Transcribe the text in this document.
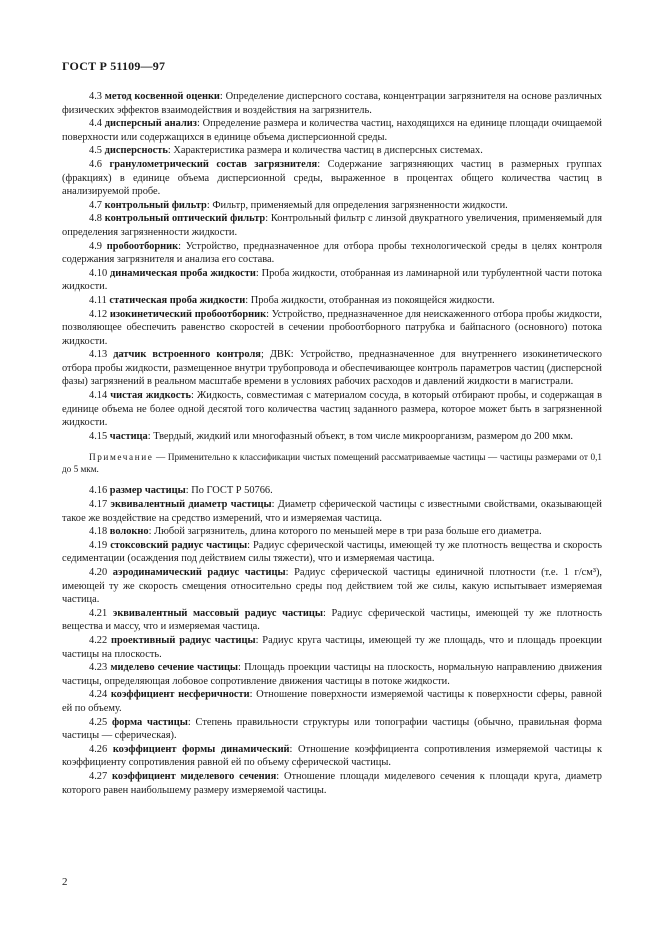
ГОСТ Р 51109—97

4.3 метод косвенной оценки: Определение дисперсного состава, концентрации загрязнителя на основе различных физических эффектов взаимодействия и воздействия на загрязнитель.

4.4 дисперсный анализ: Определение размера и количества частиц, находящихся на единице площади очищаемой поверхности или содержащихся в единице объема дисперсионной среды.

4.5 дисперсность: Характеристика размера и количества частиц в дисперсных системах.

4.6 гранулометрический состав загрязнителя: Содержание загрязняющих частиц в размерных группах (фракциях) в единице объема дисперсионной среды, выраженное в процентах общего количества частиц в анализируемой пробе.

4.7 контрольный фильтр: Фильтр, применяемый для определения загрязненности жидкости.

4.8 контрольный оптический фильтр: Контрольный фильтр с линзой двукратного увеличения, применяемый для определения загрязненности жидкости.

4.9 пробоотборник: Устройство, предназначенное для отбора пробы технологической среды в целях контроля содержания загрязнителя и анализа его состава.

4.10 динамическая проба жидкости: Проба жидкости, отобранная из ламинарной или турбулентной части потока жидкости.

4.11 статическая проба жидкости: Проба жидкости, отобранная из покоящейся жидкости.

4.12 изокинетический пробоотборник: Устройство, предназначенное для неискаженного отбора пробы жидкости, позволяющее обеспечить равенство скоростей в сечении пробоотборного патрубка и байпасного (основного) потока жидкости.

4.13 датчик встроенного контроля; ДВК: Устройство, предназначенное для внутреннего изокинетического отбора пробы жидкости, размещенное внутри трубопровода и обеспечивающее контроль параметров частиц (дисперсной фазы) загрязнений в реальном масштабе времени в условиях рабочих расходов и давлений жидкости в магистрали.

4.14 чистая жидкость: Жидкость, совместимая с материалом сосуда, в который отбирают пробы, и содержащая в единице объема не более одной десятой того количества частиц заданного размера, которое может быть в загрязненной жидкости.

4.15 частица: Твердый, жидкий или многофазный объект, в том числе микроорганизм, размером до 200 мкм.

Примечание — Применительно к классификации чистых помещений рассматриваемые частицы — частицы размерами от 0,1 до 5 мкм.

4.16 размер частицы: По ГОСТ Р 50766.

4.17 эквивалентный диаметр частицы: Диаметр сферической частицы с известными свойствами, оказывающей такое же воздействие на средство измерений, что и измеряемая частица.

4.18 волокно: Любой загрязнитель, длина которого по меньшей мере в три раза больше его диаметра.

4.19 стоксовский радиус частицы: Радиус сферической частицы, имеющей ту же плотность вещества и скорость седиментации (осаждения под действием силы тяжести), что и измеряемая частица.

4.20 аэродинамический радиус частицы: Радиус сферической частицы единичной плотности (т.е. 1 г/см³), имеющей ту же скорость смещения относительно среды под действием той же силы, какую испытывает измеряемая частица.

4.21 эквивалентный массовый радиус частицы: Радиус сферической частицы, имеющей ту же плотность вещества и массу, что и измеряемая частица.

4.22 проективный радиус частицы: Радиус круга частицы, имеющей ту же площадь, что и площадь проекции частицы на плоскость.

4.23 миделево сечение частицы: Площадь проекции частицы на плоскость, нормальную направлению движения частицы, определяющая лобовое сопротивление движения частицы в потоке жидкости.

4.24 коэффициент несферичности: Отношение поверхности измеряемой частицы к поверхности сферы, равной ей по объему.

4.25 форма частицы: Степень правильности структуры или топографии частицы (обычно, правильная форма частицы — сферическая).

4.26 коэффициент формы динамический: Отношение коэффициента сопротивления измеряемой частицы к коэффициенту сопротивления равной ей по объему сферической частицы.

4.27 коэффициент миделевого сечения: Отношение площади миделевого сечения к площади круга, диаметр которого равен наибольшему размеру измеряемой частицы.

2
